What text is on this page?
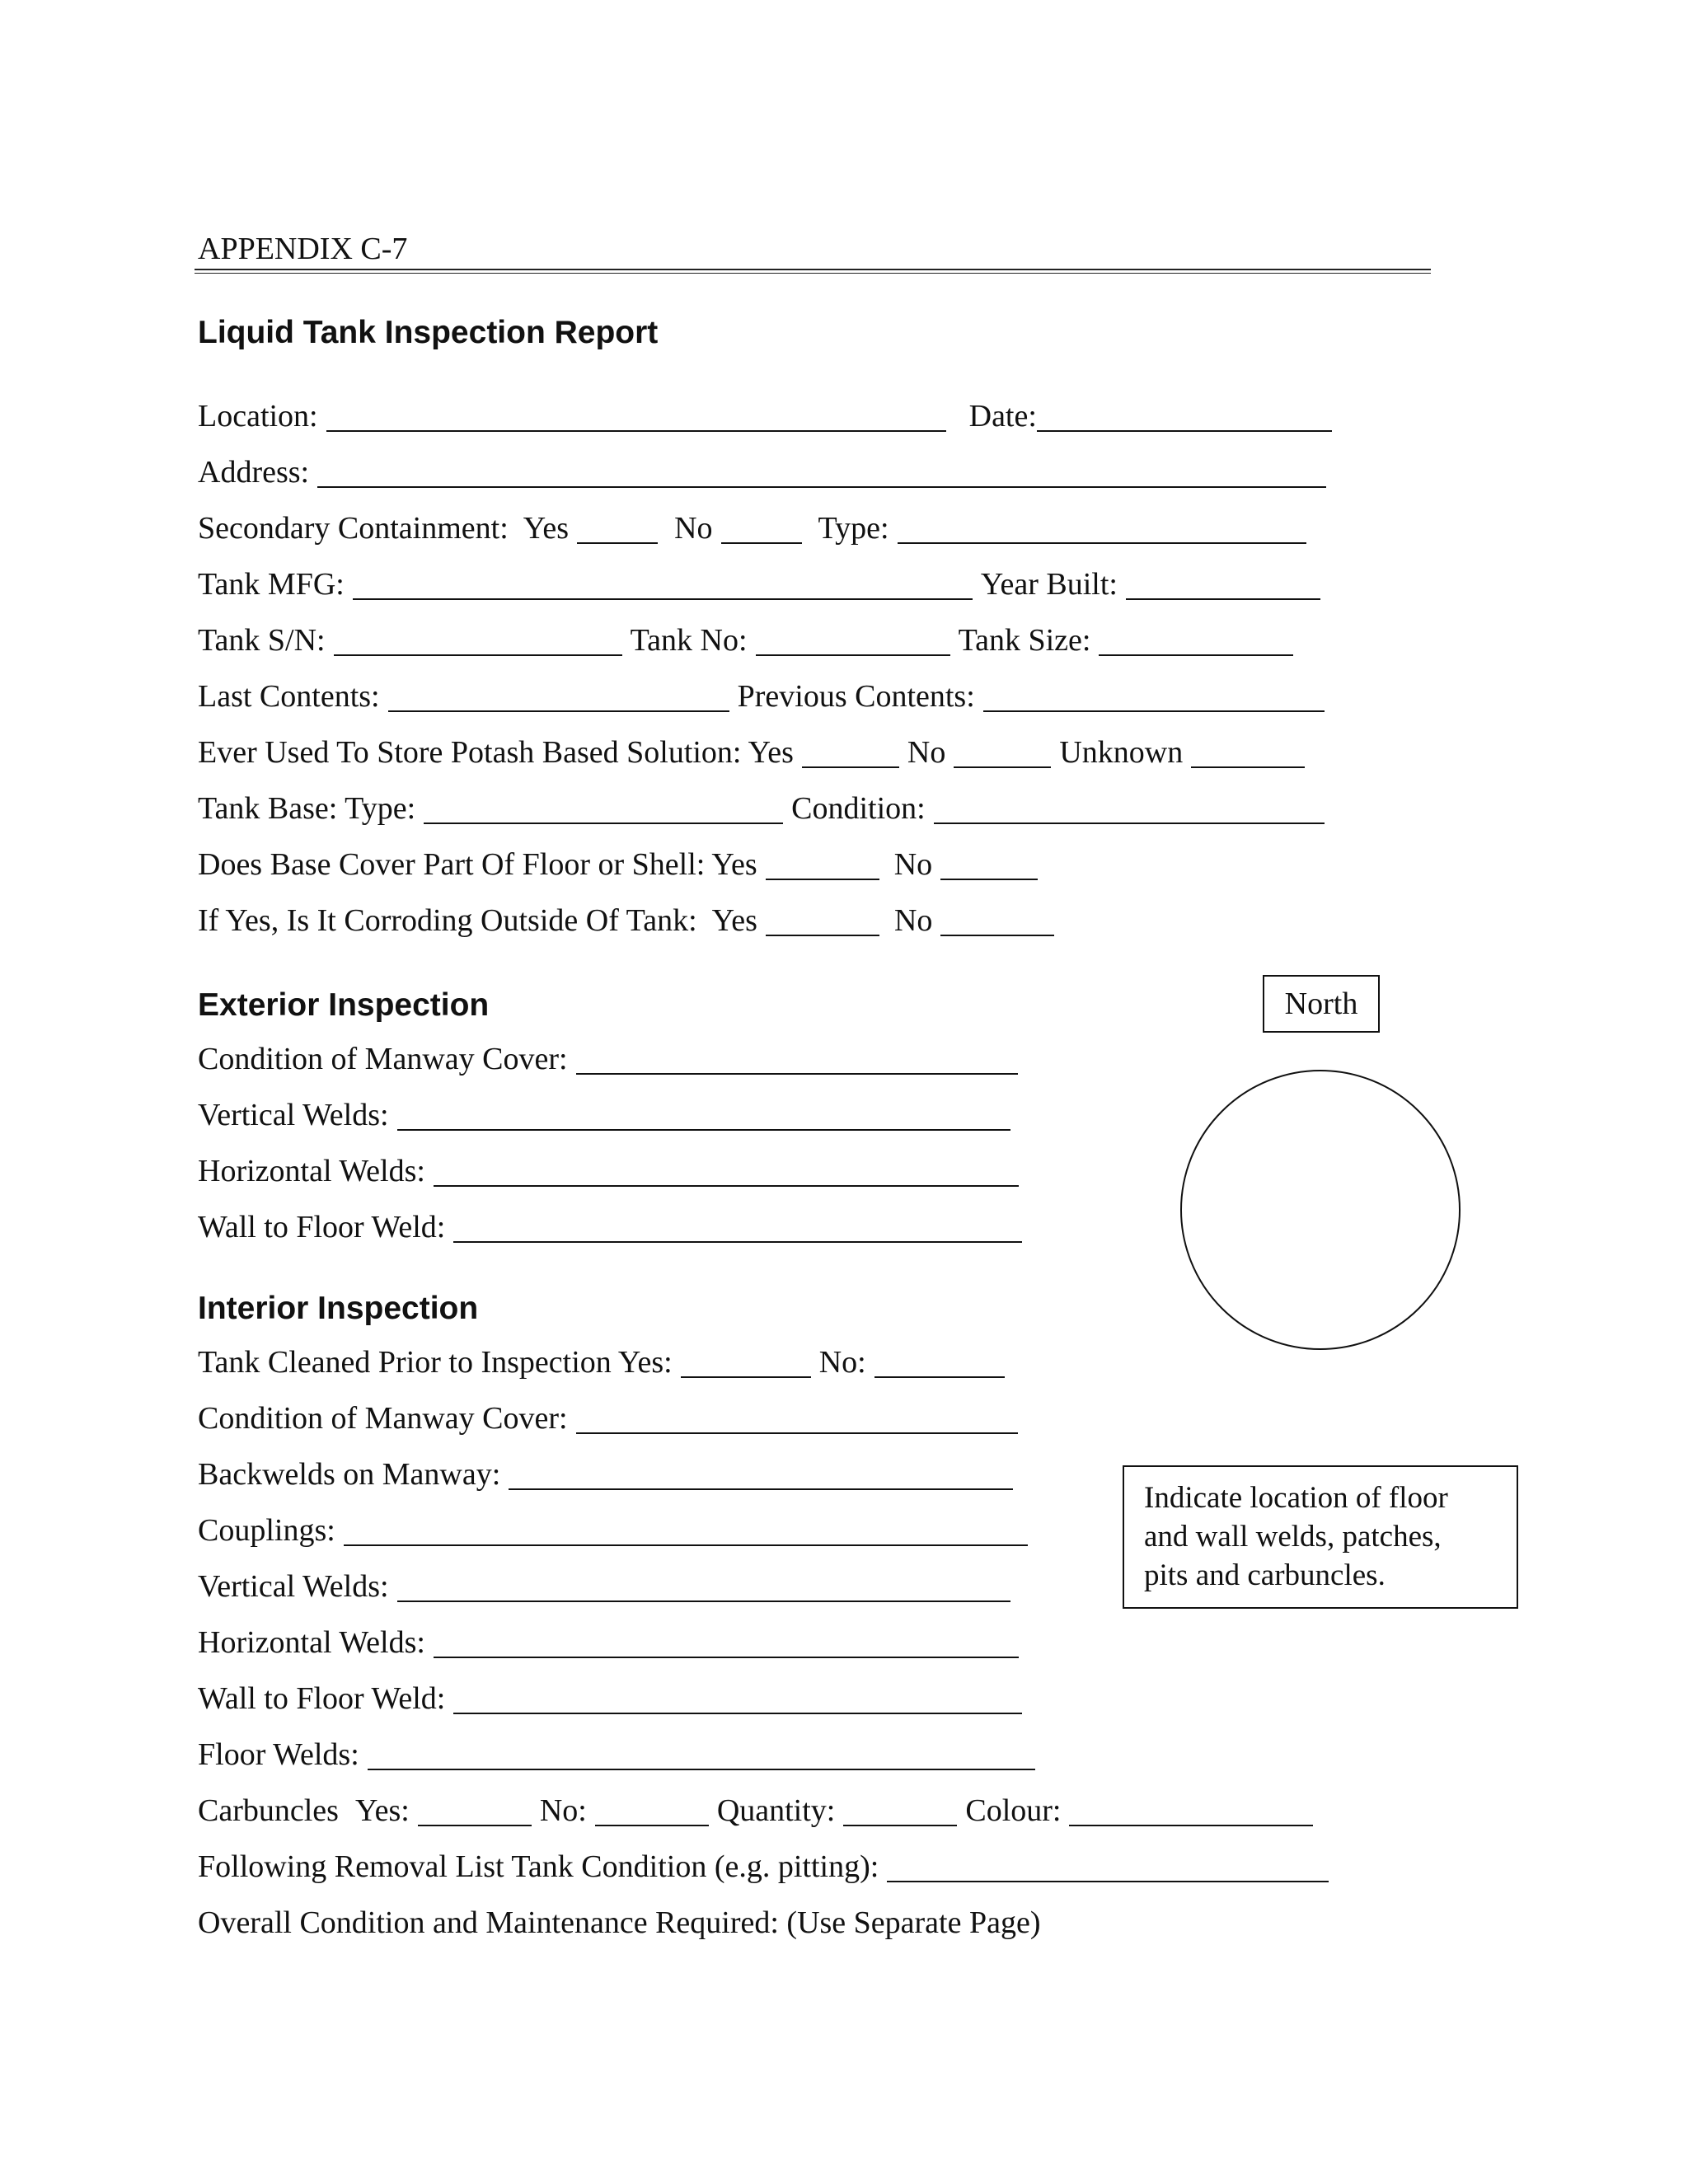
APPENDIX C-7
Liquid Tank Inspection Report
Location:	Date:
Address:
Secondary Containment: Yes	No	Type:
Tank MFG:	Year Built:
Tank S/N:	Tank No:	Tank Size:
Last Contents:	Previous Contents:
Ever Used To Store Potash Based Solution: Yes	No	Unknown
Tank Base: Type:	Condition:
Does Base Cover Part Of Floor or Shell: Yes	No
If Yes, Is It Corroding Outside Of Tank: Yes	No
Exterior Inspection
Condition of Manway Cover:
Vertical Welds:
Horizontal Welds:
Wall to Floor Weld:
Interior Inspection
Tank Cleaned Prior to Inspection Yes:	No:
Condition of Manway Cover:
Backwelds on Manway:
Couplings:
Vertical Welds:
Horizontal Welds:
Wall to Floor Weld:
Floor Welds:
Carbuncles Yes:	No:	Quantity:	Colour:
Following Removal List Tank Condition (e.g. pitting):
Overall Condition and Maintenance Required: (Use Separate Page)
North
Indicate location of floor
and wall welds, patches,
pits and carbuncles.
